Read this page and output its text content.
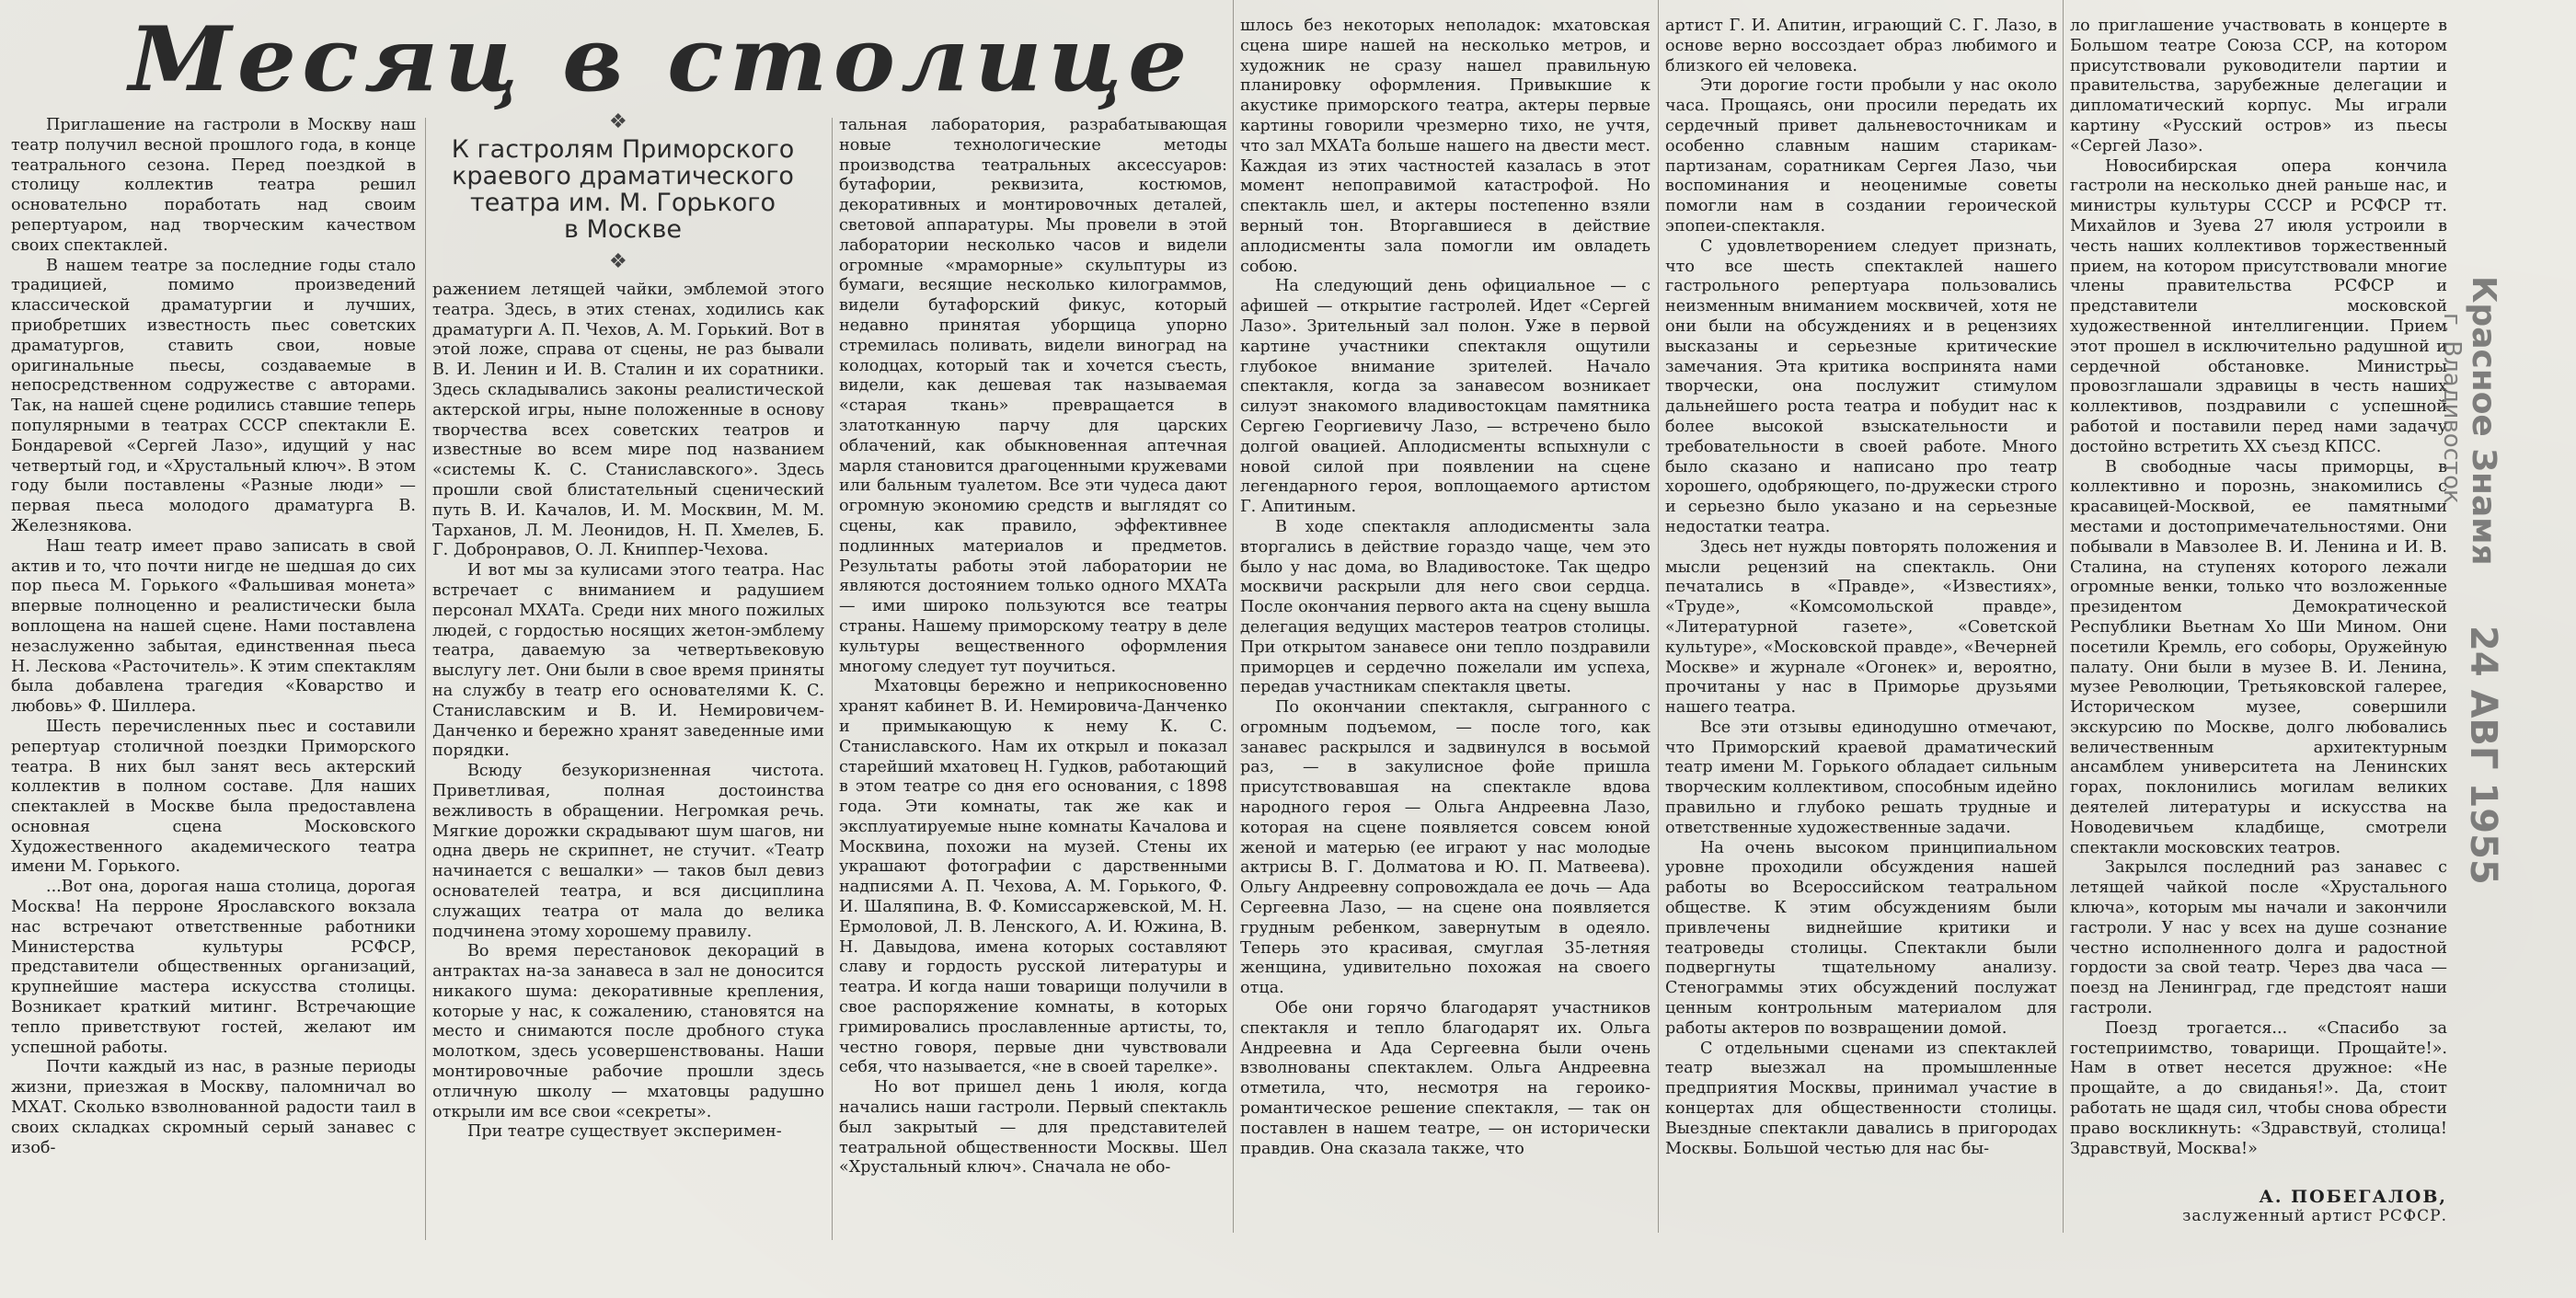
Месяц в столице
❖
К гастролям Приморского
краевого драматического
театра им. М. Горького
в Москве
❖

Приглашение на гастроли в Москву наш театр получил весной прошлого года, в конце театрального сезона. Перед поездкой в столицу коллектив театра решил основательно поработать над своим репертуаром, над творческим качеством своих спектаклей.

В нашем театре за последние годы стало традицией, помимо произведений классической драматургии и лучших, приобретших известность пьес советских драматургов, ставить свои, новые оригинальные пьесы, создаваемые в непосредственном содружестве с авторами. Так, на нашей сцене родились ставшие теперь популярными в театрах СССР спектакли Е. Бондаревой «Сергей Лазо», идущий у нас четвертый год, и «Хрустальный ключ». В этом году были поставлены «Разные люди» — первая пьеса молодого драматурга В. Железнякова.

Наш театр имеет право записать в свой актив и то, что почти нигде не шедшая до сих пор пьеса М. Горького «Фальшивая монета» впервые полноценно и реалистически была воплощена на нашей сцене. Нами поставлена незаслуженно забытая, единственная пьеса Н. Лескова «Расточитель». К этим спектаклям была добавлена трагедия «Коварство и любовь» Ф. Шиллера.

Шесть перечисленных пьес и составили репертуар столичной поездки Приморского театра. В них был занят весь актерский коллектив в полном составе. Для наших спектаклей в Москве была предоставлена основная сцена Московского Художественного академического театра имени М. Горького.

...Вот она, дорогая наша столица, дорогая Москва! На перроне Ярославского вокзала нас встречают ответственные работники Министерства культуры РСФСР, представители общественных организаций, крупнейшие мастера искусства столицы. Возникает краткий митинг. Встречающие тепло приветствуют гостей, желают им успешной работы.

Почти каждый из нас, в разные периоды жизни, приезжая в Москву, паломничал во МХАТ. Сколько взволнованной радости таил в своих складках скромный серый занавес с изоб-

ражением летящей чайки, эмблемой этого театра. Здесь, в этих стенах, ходились как драматурги А. П. Чехов, А. М. Горький. Вот в этой ложе, справа от сцены, не раз бывали В. И. Ленин и И. В. Сталин и их соратники. Здесь складывались законы реалистической актерской игры, ныне положенные в основу творчества всех советских театров и известные во всем мире под названием «системы К. С. Станиславского». Здесь прошли свой блистательный сценический путь В. И. Качалов, И. М. Москвин, М. М. Тарханов, Л. М. Леонидов, Н. П. Хмелев, Б. Г. Добронравов, О. Л. Книппер-Чехова.

И вот мы за кулисами этого театра. Нас встречает с вниманием и радушием персонал МХАТа. Среди них много пожилых людей, с гордостью носящих жетон-эмблему театра, даваемую за четвертьвековую выслугу лет. Они были в свое время приняты на службу в театр его основателями К. С. Станиславским и В. И. Немировичем-Данченко и бережно хранят заведенные ими порядки.

Всюду безукоризненная чистота. Приветливая, полная достоинства вежливость в обращении. Негромкая речь. Мягкие дорожки скрадывают шум шагов, ни одна дверь не скрипнет, не стучит. «Театр начинается с вешалки» — таков был девиз основателей театра, и вся дисциплина служащих театра от мала до велика подчинена этому хорошему правилу.

Во время перестановок декораций в антрактах на-за занавеса в зал не доносится никакого шума: декоративные крепления, которые у нас, к сожалению, становятся на место и снимаются после дробного стука молотком, здесь усовершенствованы. Наши монтировочные рабочие прошли здесь отличную школу — мхатовцы радушно открыли им все свои «секреты».

При театре существует эксперимен-

тальная лаборатория, разрабатывающая новые технологические методы производства театральных аксессуаров: бутафории, реквизита, костюмов, декоративных и монтировочных деталей, световой аппаратуры. Мы провели в этой лаборатории несколько часов и видели огромные «мраморные» скульптуры из бумаги, весящие несколько килограммов, видели бутафорский фикус, который недавно принятая уборщица упорно стремилась поливать, видели виноград на колодцах, который так и хочется съесть, видели, как дешевая так называемая «старая ткань» превращается в златотканную парчу для царских облачений, как обыкновенная аптечная марля становится драгоценными кружевами или бальным туалетом. Все эти чудеса дают огромную экономию средств и выглядят со сцены, как правило, эффективнее подлинных материалов и предметов. Результаты работы этой лаборатории не являются достоянием только одного МХАТа — ими широко пользуются все театры страны. Нашему приморскому театру в деле культуры вещественного оформления многому следует тут поучиться.

Мхатовцы бережно и неприкосновенно хранят кабинет В. И. Немировича-Данченко и примыкающую к нему К. С. Станиславского. Нам их открыл и показал старейший мхатовец Н. Гудков, работающий в этом театре со дня его основания, с 1898 года. Эти комнаты, так же как и эксплуатируемые ныне комнаты Качалова и Москвина, похожи на музей. Стены их украшают фотографии с дарственными надписями А. П. Чехова, А. М. Горького, Ф. И. Шаляпина, В. Ф. Комиссаржевской, М. Н. Ермоловой, Л. В. Ленского, А. И. Южина, В. Н. Давыдова, имена которых составляют славу и гордость русской литературы и театра. И когда наши товарищи получили в свое распоряжение комнаты, в которых гримировались прославленные артисты, то, честно говоря, первые дни чувствовали себя, что называется, «не в своей тарелке».

Но вот пришел день 1 июля, когда начались наши гастроли. Первый спектакль был закрытый — для представителей театральной общественности Москвы. Шел «Хрустальный ключ». Сначала не обо-

шлось без некоторых неполадок: мхатовская сцена шире нашей на несколько метров, и художник не сразу нашел правильную планировку оформления. Привыкшие к акустике приморского театра, актеры первые картины говорили чрезмерно тихо, не учтя, что зал МХАТа больше нашего на двести мест. Каждая из этих частностей казалась в этот момент непоправимой катастрофой. Но спектакль шел, и актеры постепенно взяли верный тон. Вторгавшиеся в действие аплодисменты зала помогли им овладеть собою.

На следующий день официальное — с афишей — открытие гастролей. Идет «Сергей Лазо». Зрительный зал полон. Уже в первой картине участники спектакля ощутили глубокое внимание зрителей. Начало спектакля, когда за занавесом возникает силуэт знакомого владивостокцам памятника Сергею Георгиевичу Лазо, — встречено было долгой овацией. Аплодисменты вспыхнули с новой силой при появлении на сцене легендарного героя, воплощаемого артистом Г. Апитиным.

В ходе спектакля аплодисменты зала вторгались в действие гораздо чаще, чем это было у нас дома, во Владивостоке. Так щедро москвичи раскрыли для него свои сердца. После окончания первого акта на сцену вышла делегация ведущих мастеров театров столицы. При открытом занавесе они тепло поздравили приморцев и сердечно пожелали им успеха, передав участникам спектакля цветы.

По окончании спектакля, сыгранного с огромным подъемом, — после того, как занавес раскрылся и задвинулся в восьмой раз, — в закулисное фойе пришла присутствовавшая на спектакле вдова народного героя — Ольга Андреевна Лазо, которая на сцене появляется совсем юной женой и матерью (ее играют у нас молодые актрисы В. Г. Долматова и Ю. П. Матвеева). Ольгу Андреевну сопровождала ее дочь — Ада Сергеевна Лазо, — на сцене она появляется грудным ребенком, завернутым в одеяло. Теперь это красивая, смуглая 35-летняя женщина, удивительно похожая на своего отца.

Обе они горячо благодарят участников спектакля и тепло благодарят их. Ольга Андреевна и Ада Сергеевна были очень взволнованы спектаклем. Ольга Андреевна отметила, что, несмотря на героико-романтическое решение спектакля, — так он поставлен в нашем театре, — он исторически правдив. Она сказала также, что

артист Г. И. Апитин, играющий С. Г. Лазо, в основе верно воссоздает образ любимого и близкого ей человека.

Эти дорогие гости пробыли у нас около часа. Прощаясь, они просили передать их сердечный привет дальневосточникам и особенно славным нашим старикам-партизанам, соратникам Сергея Лазо, чьи воспоминания и неоценимые советы помогли нам в создании героической эпопеи-спектакля.

С удовлетворением следует признать, что все шесть спектаклей нашего гастрольного репертуара пользовались неизменным вниманием москвичей, хотя не они были на обсуждениях и в рецензиях высказаны и серьезные критические замечания. Эта критика воспринята нами творчески, она послужит стимулом дальнейшего роста театра и побудит нас к более высокой взыскательности и требовательности в своей работе. Много было сказано и написано про театр хорошего, одобряющего, по-дружески строго и серьезно было указано и на серьезные недостатки театра.

Здесь нет нужды повторять положения и мысли рецензий на спектакль. Они печатались в «Правде», «Известиях», «Труде», «Комсомольской правде», «Литературной газете», «Советской культуре», «Московской правде», «Вечерней Москве» и журнале «Огонек» и, вероятно, прочитаны у нас в Приморье друзьями нашего театра.

Все эти отзывы единодушно отмечают, что Приморский краевой драматический театр имени М. Горького обладает сильным творческим коллективом, способным идейно правильно и глубоко решать трудные и ответственные художественные задачи.

На очень высоком принципиальном уровне проходили обсуждения нашей работы во Всероссийском театральном обществе. К этим обсуждениям были привлечены виднейшие критики и театроведы столицы. Спектакли были подвергнуты тщательному анализу. Стенограммы этих обсуждений послужат ценным контрольным материалом для работы актеров по возвращении домой.

С отдельными сценами из спектаклей театр выезжал на промышленные предприятия Москвы, принимал участие в концертах для общественности столицы. Выездные спектакли давались в пригородах Москвы. Большой честью для нас бы-

ло приглашение участвовать в концерте в Большом театре Союза ССР, на котором присутствовали руководители партии и правительства, зарубежные делегации и дипломатический корпус. Мы играли картину «Русский остров» из пьесы «Сергей Лазо».

Новосибирская опера кончила гастроли на несколько дней раньше нас, и министры культуры СССР и РСФСР тт. Михайлов и Зуева 27 июля устроили в честь наших коллективов торжественный прием, на котором присутствовали многие члены правительства РСФСР и представители московской художественной интеллигенции. Прием этот прошел в исключительно радушной и сердечной обстановке. Министры провозглашали здравицы в честь наших коллективов, поздравили с успешной работой и поставили перед нами задачу достойно встретить XX съезд КПСС.

В свободные часы приморцы, в коллективно и порознь, знакомились с красавицей-Москвой, ее памятными местами и достопримечательностями. Они побывали в Мавзолее В. И. Ленина и И. В. Сталина, на ступенях которого лежали огромные венки, только что возложенные президентом Демократической Республики Вьетнам Хо Ши Мином. Они посетили Кремль, его соборы, Оружейную палату. Они были в музее В. И. Ленина, музее Революции, Третьяковской галерее, Историческом музее, совершили экскурсию по Москве, долго любовались величественным архитектурным ансамблем университета на Ленинских горах, поклонились могилам великих деятелей литературы и искусства на Новодевичьем кладбище, смотрели спектакли московских театров.

Закрылся последний раз занавес с летящей чайкой после «Хрустального ключа», которым мы начали и закончили гастроли. У нас у всех на душе сознание честно исполненного долга и радостной гордости за свой театр. Через два часа — поезд на Ленинград, где предстоят наши гастроли.

Поезд трогается... «Спасибо за гостеприимство, товарищи. Прощайте!». Нам в ответ несется дружное: «Не прощайте, а до свиданья!». Да, стоит работать не щадя сил, чтобы снова обрести право воскликнуть: «Здравствуй, столица! Здравствуй, Москва!»

А. ПОБЕГАЛОВ,
заслуженный артист РСФСР.
Красное Знамя
г. Владивосток
24 АВГ 1955
